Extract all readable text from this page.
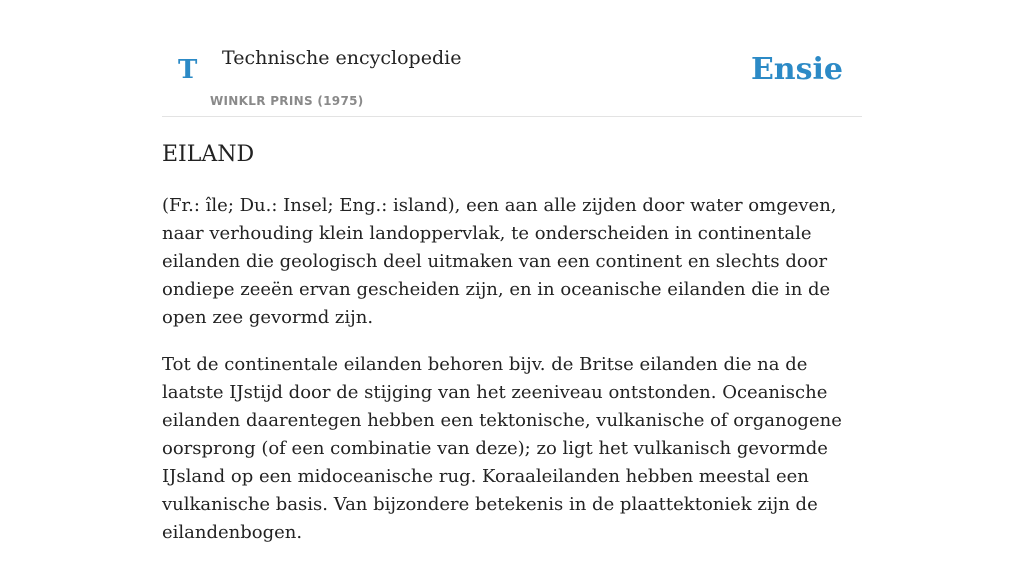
T Technische encyclopedie
WINKLR PRINS (1975)
Ensie
EILAND

(Fr.: île; Du.: Insel; Eng.: island), een aan alle zijden door water omgeven, naar verhouding klein landoppervlak, te onderscheiden in continentale eilanden die geologisch deel uitmaken van een continent en slechts door ondiepe zeeën ervan gescheiden zijn, en in oceanische eilanden die in de open zee gevormd zijn.

Tot de continentale eilanden behoren bijv. de Britse eilanden die na de laatste IJstijd door de stijging van het zeeniveau ontstonden. Oceanische eilanden daarentegen hebben een tektonische, vulkanische of organogene oorsprong (of een combinatie van deze); zo ligt het vulkanisch gevormde IJsland op een midoceanische rug. Koraaleilanden hebben meestal een vulkanische basis. Van bijzondere betekenis in de plaattektoniek zijn de eilandenbogen.
